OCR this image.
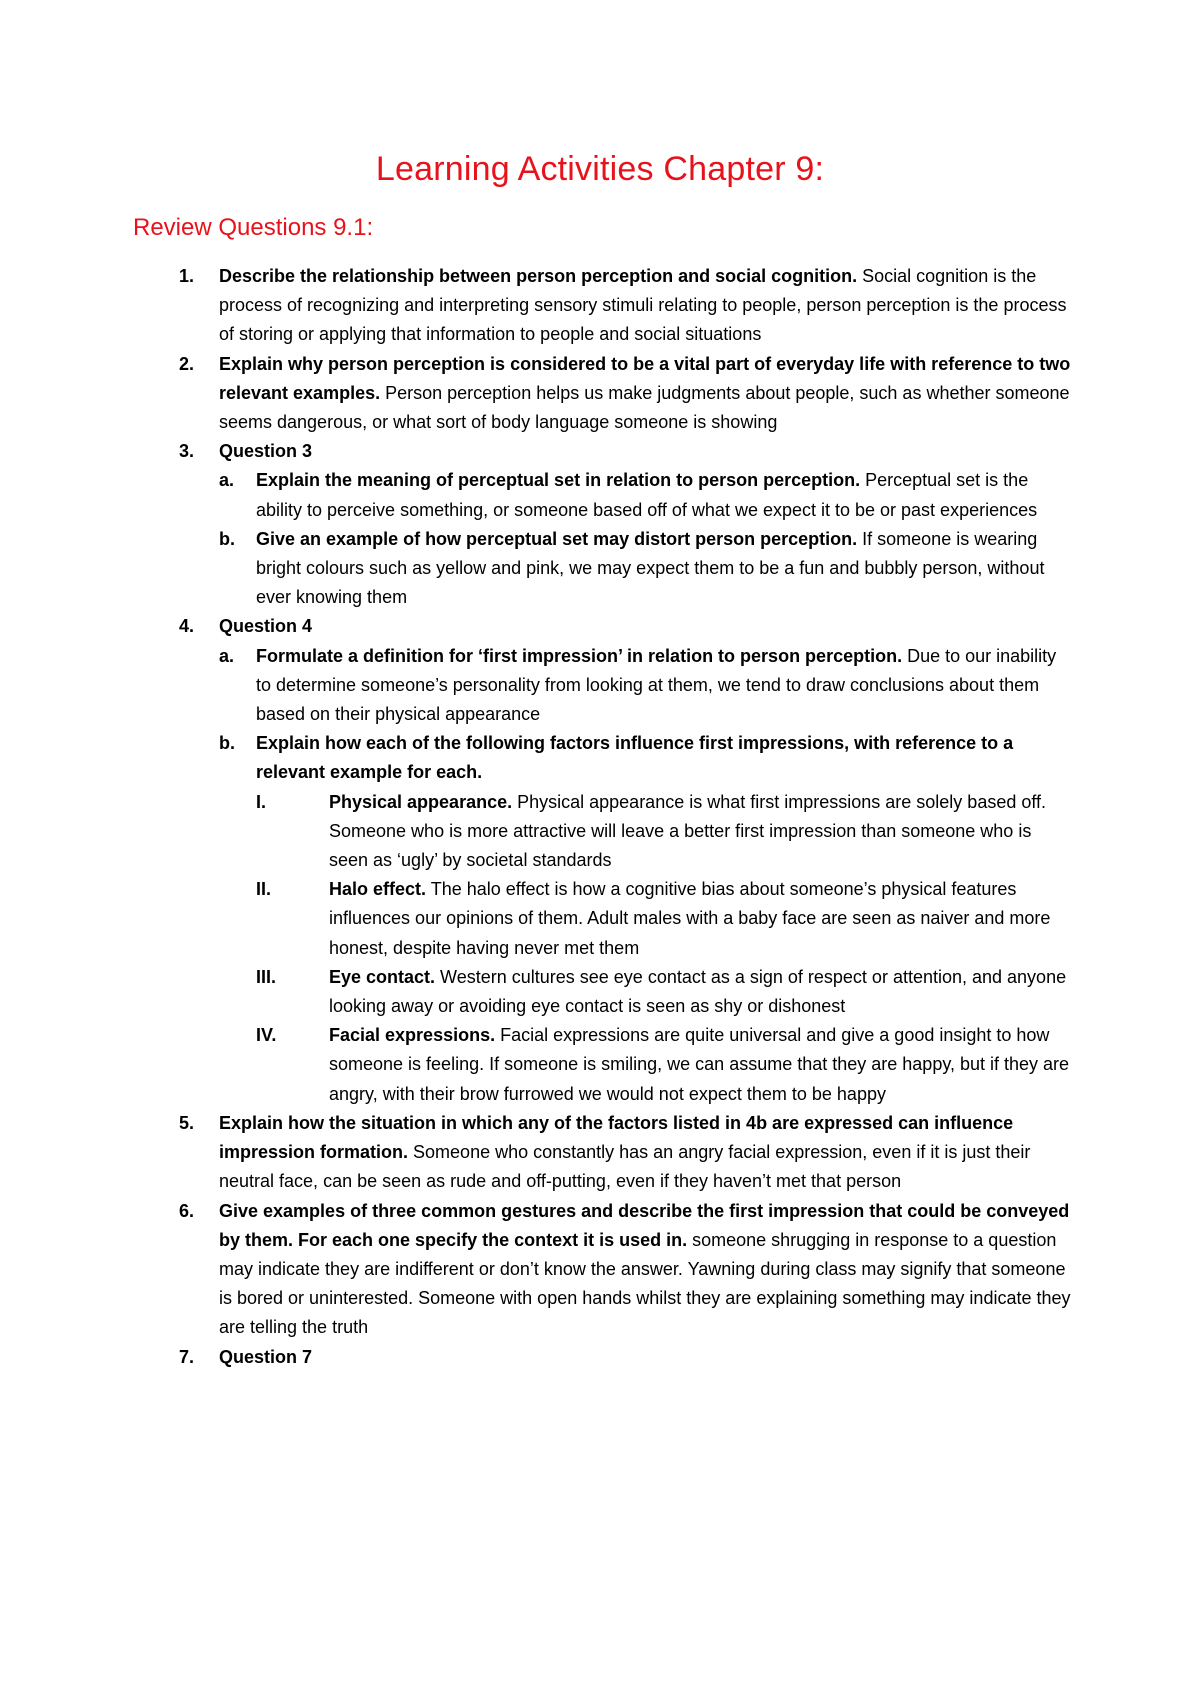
Learning Activities Chapter 9:
Review Questions 9.1:
1. Describe the relationship between person perception and social cognition. Social cognition is the process of recognizing and interpreting sensory stimuli relating to people, person perception is the process of storing or applying that information to people and social situations
2. Explain why person perception is considered to be a vital part of everyday life with reference to two relevant examples. Person perception helps us make judgments about people, such as whether someone seems dangerous, or what sort of body language someone is showing
3. Question 3
a. Explain the meaning of perceptual set in relation to person perception. Perceptual set is the ability to perceive something, or someone based off of what we expect it to be or past experiences
b. Give an example of how perceptual set may distort person perception. If someone is wearing bright colours such as yellow and pink, we may expect them to be a fun and bubbly person, without ever knowing them
4. Question 4
a. Formulate a definition for ‘first impression’ in relation to person perception. Due to our inability to determine someone’s personality from looking at them, we tend to draw conclusions about them based on their physical appearance
b. Explain how each of the following factors influence first impressions, with reference to a relevant example for each.
I.	Physical appearance. Physical appearance is what first impressions are solely based off. Someone who is more attractive will leave a better first impression than someone who is seen as ‘ugly’ by societal standards
II.	Halo effect. The halo effect is how a cognitive bias about someone’s physical features influences our opinions of them. Adult males with a baby face are seen as naiver and more honest, despite having never met them
III.	Eye contact. Western cultures see eye contact as a sign of respect or attention, and anyone looking away or avoiding eye contact is seen as shy or dishonest
IV.	Facial expressions. Facial expressions are quite universal and give a good insight to how someone is feeling. If someone is smiling, we can assume that they are happy, but if they are angry, with their brow furrowed we would not expect them to be happy
5. Explain how the situation in which any of the factors listed in 4b are expressed can influence impression formation. Someone who constantly has an angry facial expression, even if it is just their neutral face, can be seen as rude and off-putting, even if they haven’t met that person
6. Give examples of three common gestures and describe the first impression that could be conveyed by them. For each one specify the context it is used in. someone shrugging in response to a question may indicate they are indifferent or don’t know the answer. Yawning during class may signify that someone is bored or uninterested. Someone with open hands whilst they are explaining something may indicate they are telling the truth
7. Question 7
